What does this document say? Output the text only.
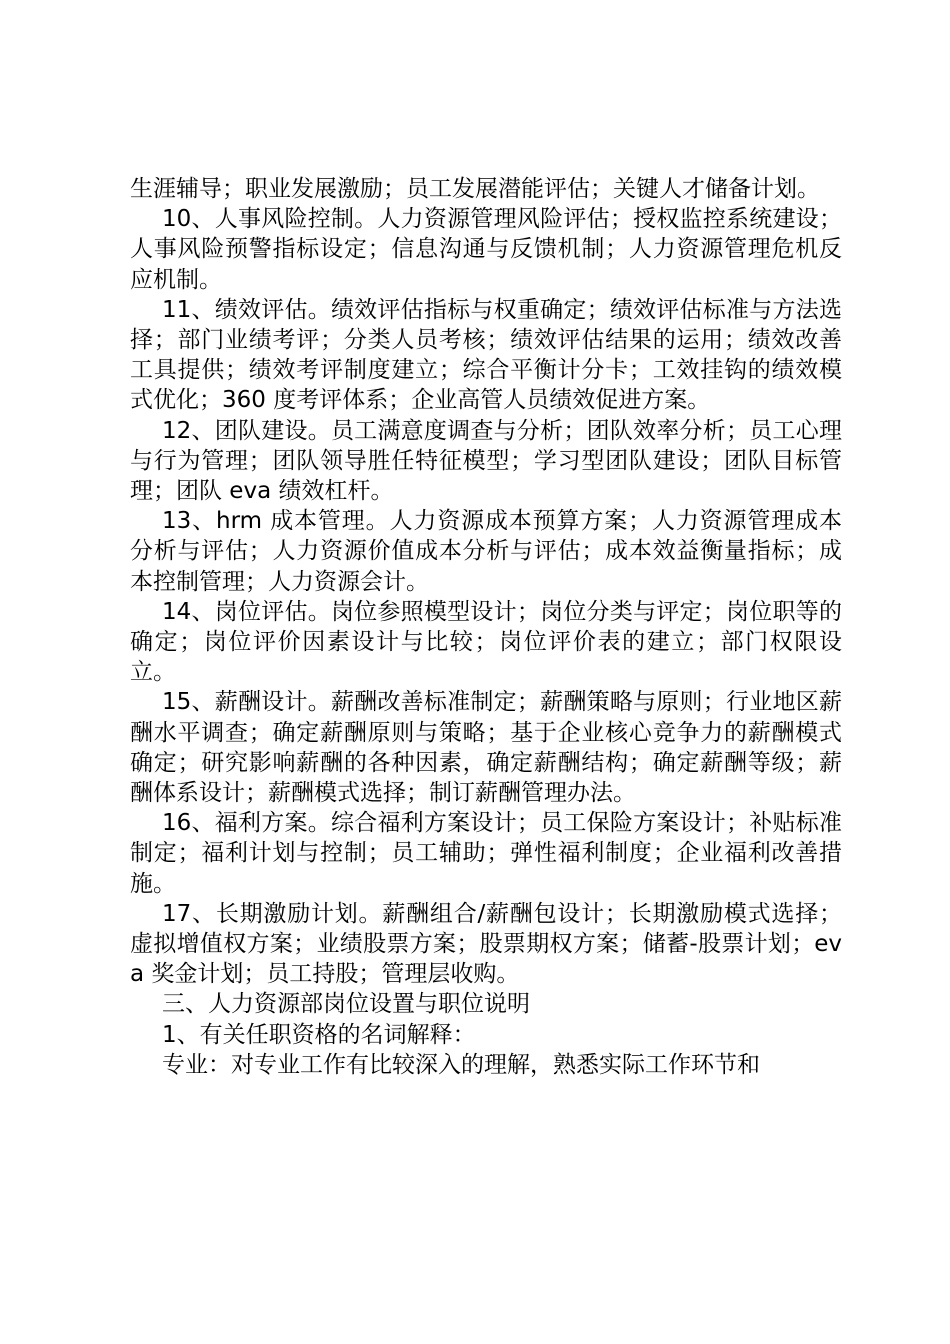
生涯辅导；职业发展激励；员工发展潜能评估；关键人才储备计划。

10、人事风险控制。人力资源管理风险评估；授权监控系统建设；人事风险预警指标设定；信息沟通与反馈机制；人力资源管理危机反应机制。

11、绩效评估。绩效评估指标与权重确定；绩效评估标准与方法选择；部门业绩考评；分类人员考核；绩效评估结果的运用；绩效改善工具提供；绩效考评制度建立；综合平衡计分卡；工效挂钩的绩效模式优化；360 度考评体系；企业高管人员绩效促进方案。

12、团队建设。员工满意度调查与分析；团队效率分析；员工心理与行为管理；团队领导胜任特征模型；学习型团队建设；团队目标管理；团队 eva 绩效杠杆。

13、hrm 成本管理。人力资源成本预算方案；人力资源管理成本分析与评估；人力资源价值成本分析与评估；成本效益衡量指标；成本控制管理；人力资源会计。

14、岗位评估。岗位参照模型设计；岗位分类与评定；岗位职等的确定；岗位评价因素设计与比较；岗位评价表的建立；部门权限设立。

15、薪酬设计。薪酬改善标准制定；薪酬策略与原则；行业地区薪酬水平调查；确定薪酬原则与策略；基于企业核心竞争力的薪酬模式确定；研究影响薪酬的各种因素，确定薪酬结构；确定薪酬等级；薪酬体系设计；薪酬模式选择；制订薪酬管理办法。

16、福利方案。综合福利方案设计；员工保险方案设计；补贴标准制定；福利计划与控制；员工辅助；弹性福利制度；企业福利改善措施。

17、长期激励计划。薪酬组合/薪酬包设计；长期激励模式选择；虚拟增值权方案；业绩股票方案；股票期权方案；储蓄-股票计划；eva 奖金计划；员工持股；管理层收购。

三、人力资源部岗位设置与职位说明

1、有关任职资格的名词解释：

专业：对专业工作有比较深入的理解，熟悉实际工作环节和
